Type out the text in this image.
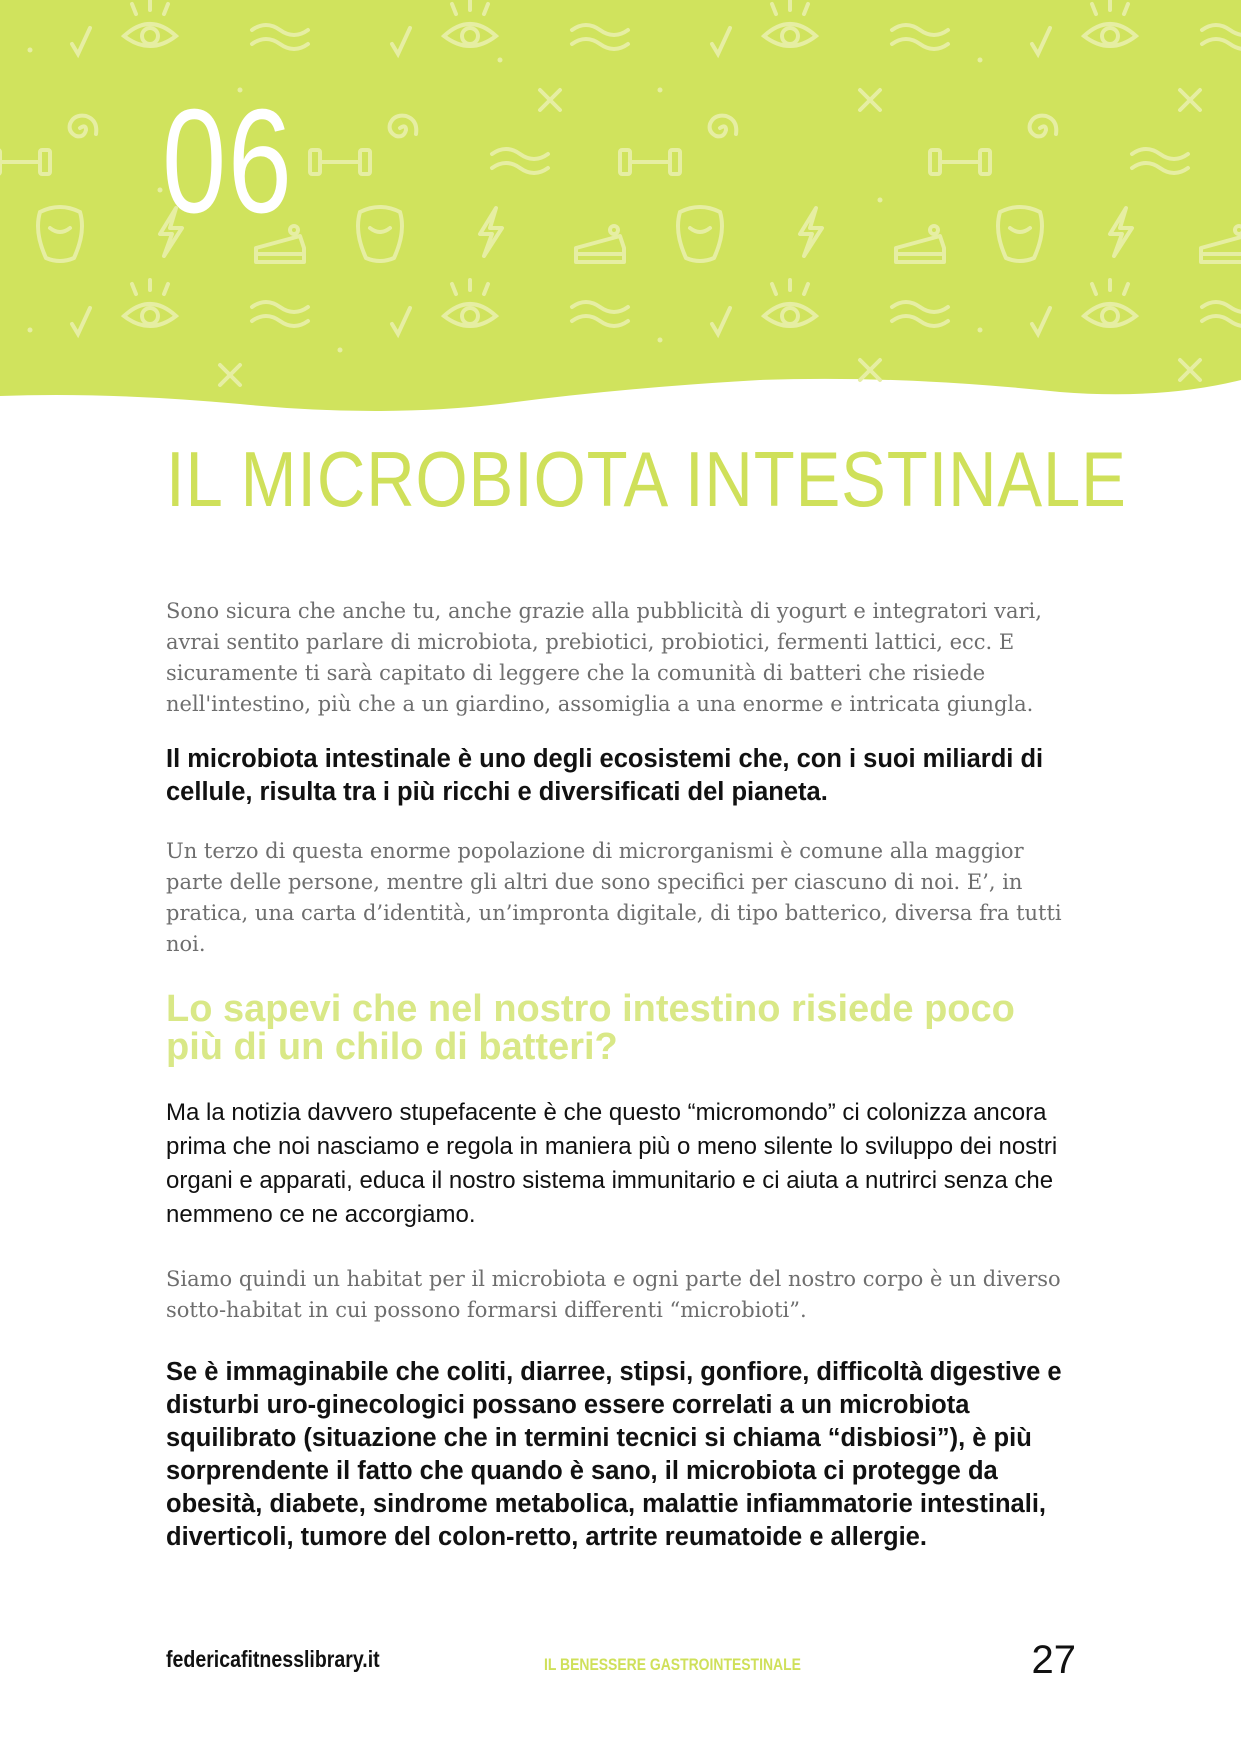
06
IL MICROBIOTA INTESTINALE

Sono sicura che anche tu, anche grazie alla pubblicità di yogurt e integratori vari, avrai sentito parlare di microbiota, prebiotici, probiotici, fermenti lattici, ecc. E sicuramente ti sarà capitato di leggere che la comunità di batteri che risiede nell'intestino, più che a un giardino, assomiglia a una enorme e intricata giungla.

Il microbiota intestinale è uno degli ecosistemi che, con i suoi miliardi di cellule, risulta tra i più ricchi e diversificati del pianeta.

Un terzo di questa enorme popolazione di microrganismi è comune alla maggior parte delle persone, mentre gli altri due sono specifici per ciascuno di noi. E’, in pratica, una carta d’identità, un’impronta digitale, di tipo batterico, diversa fra tutti noi.

Lo sapevi che nel nostro intestino risiede poco più di un chilo di batteri?

Ma la notizia davvero stupefacente è che questo “micromondo” ci colonizza ancora prima che noi nasciamo e regola in maniera più o meno silente lo sviluppo dei nostri organi e apparati, educa il nostro sistema immunitario e ci aiuta a nutrirci senza che nemmeno ce ne accorgiamo.

Siamo quindi un habitat per il microbiota e ogni parte del nostro corpo è un diverso sotto-habitat in cui possono formarsi differenti “microbioti”.

Se è immaginabile che coliti, diarree, stipsi, gonfiore, difficoltà digestive e disturbi uro-ginecologici possano essere correlati a un microbiota squilibrato (situazione che in termini tecnici si chiama “disbiosi”), è più sorprendente il fatto che quando è sano, il microbiota ci protegge da obesità, diabete, sindrome metabolica, malattie infiammatorie intestinali, diverticoli, tumore del colon-retto, artrite reumatoide e allergie.

federicafitnesslibrary.it	IL BENESSERE GASTROINTESTINALE	27
